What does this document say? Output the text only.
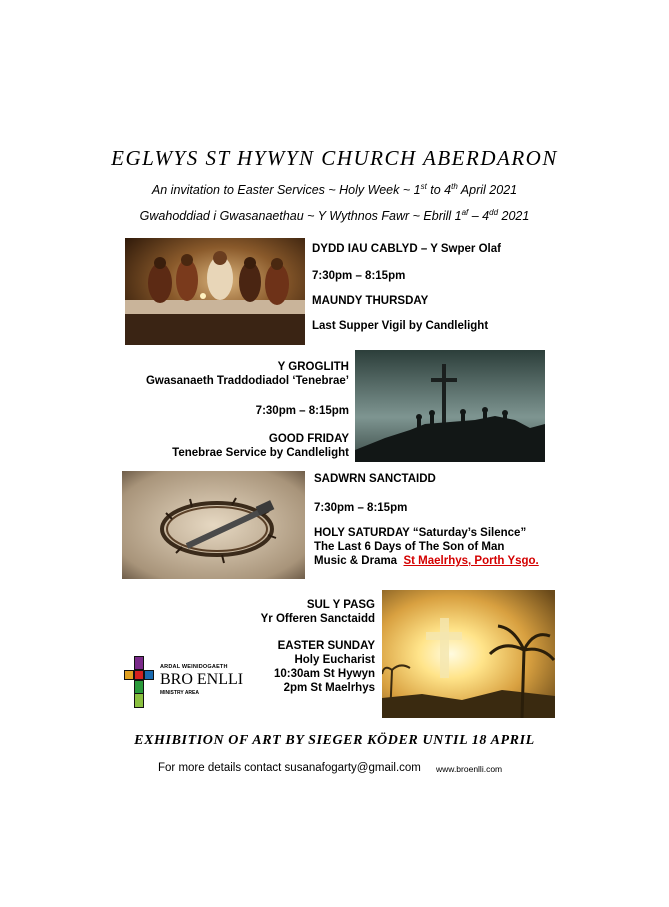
EGLWYS ST HYWYN CHURCH ABERDARON
An invitation to Easter Services ~ Holy Week ~ 1st to 4th April 2021
Gwahoddiad i Gwasanaethau ~ Y Wythnos Fawr ~ Ebrill $1^{af} - 4^{dd}$ 2021

DYDD IAU CABLYD – Y Swper Olaf

7:30pm – 8:15pm

MAUNDY THURSDAY

Last Supper Vigil by Candlelight

Y GROGLITH

Gwasanaeth Traddodiadol ‘Tenebrae’

7:30pm – 8:15pm

GOOD FRIDAY

Tenebrae Service by Candlelight

SADWRN SANCTAIDD

7:30pm – 8:15pm

HOLY SATURDAY “Saturday’s Silence”

The Last 6 Days of The Son of Man

Music & Drama St Maelrhys, Porth Ysgo.

ARDAL WEINIDOGAETH
BRO ENLLI
MINISTRY AREA

SUL Y PASG

Yr Offeren Sanctaidd

EASTER SUNDAY

Holy Eucharist

10:30am St Hywyn

2pm St Maelrhys

EXHIBITION OF ART BY SIEGER KÖDER UNTIL 18 APRIL
For more details contact susanafogarty@gmail.com www.broenlli.com
